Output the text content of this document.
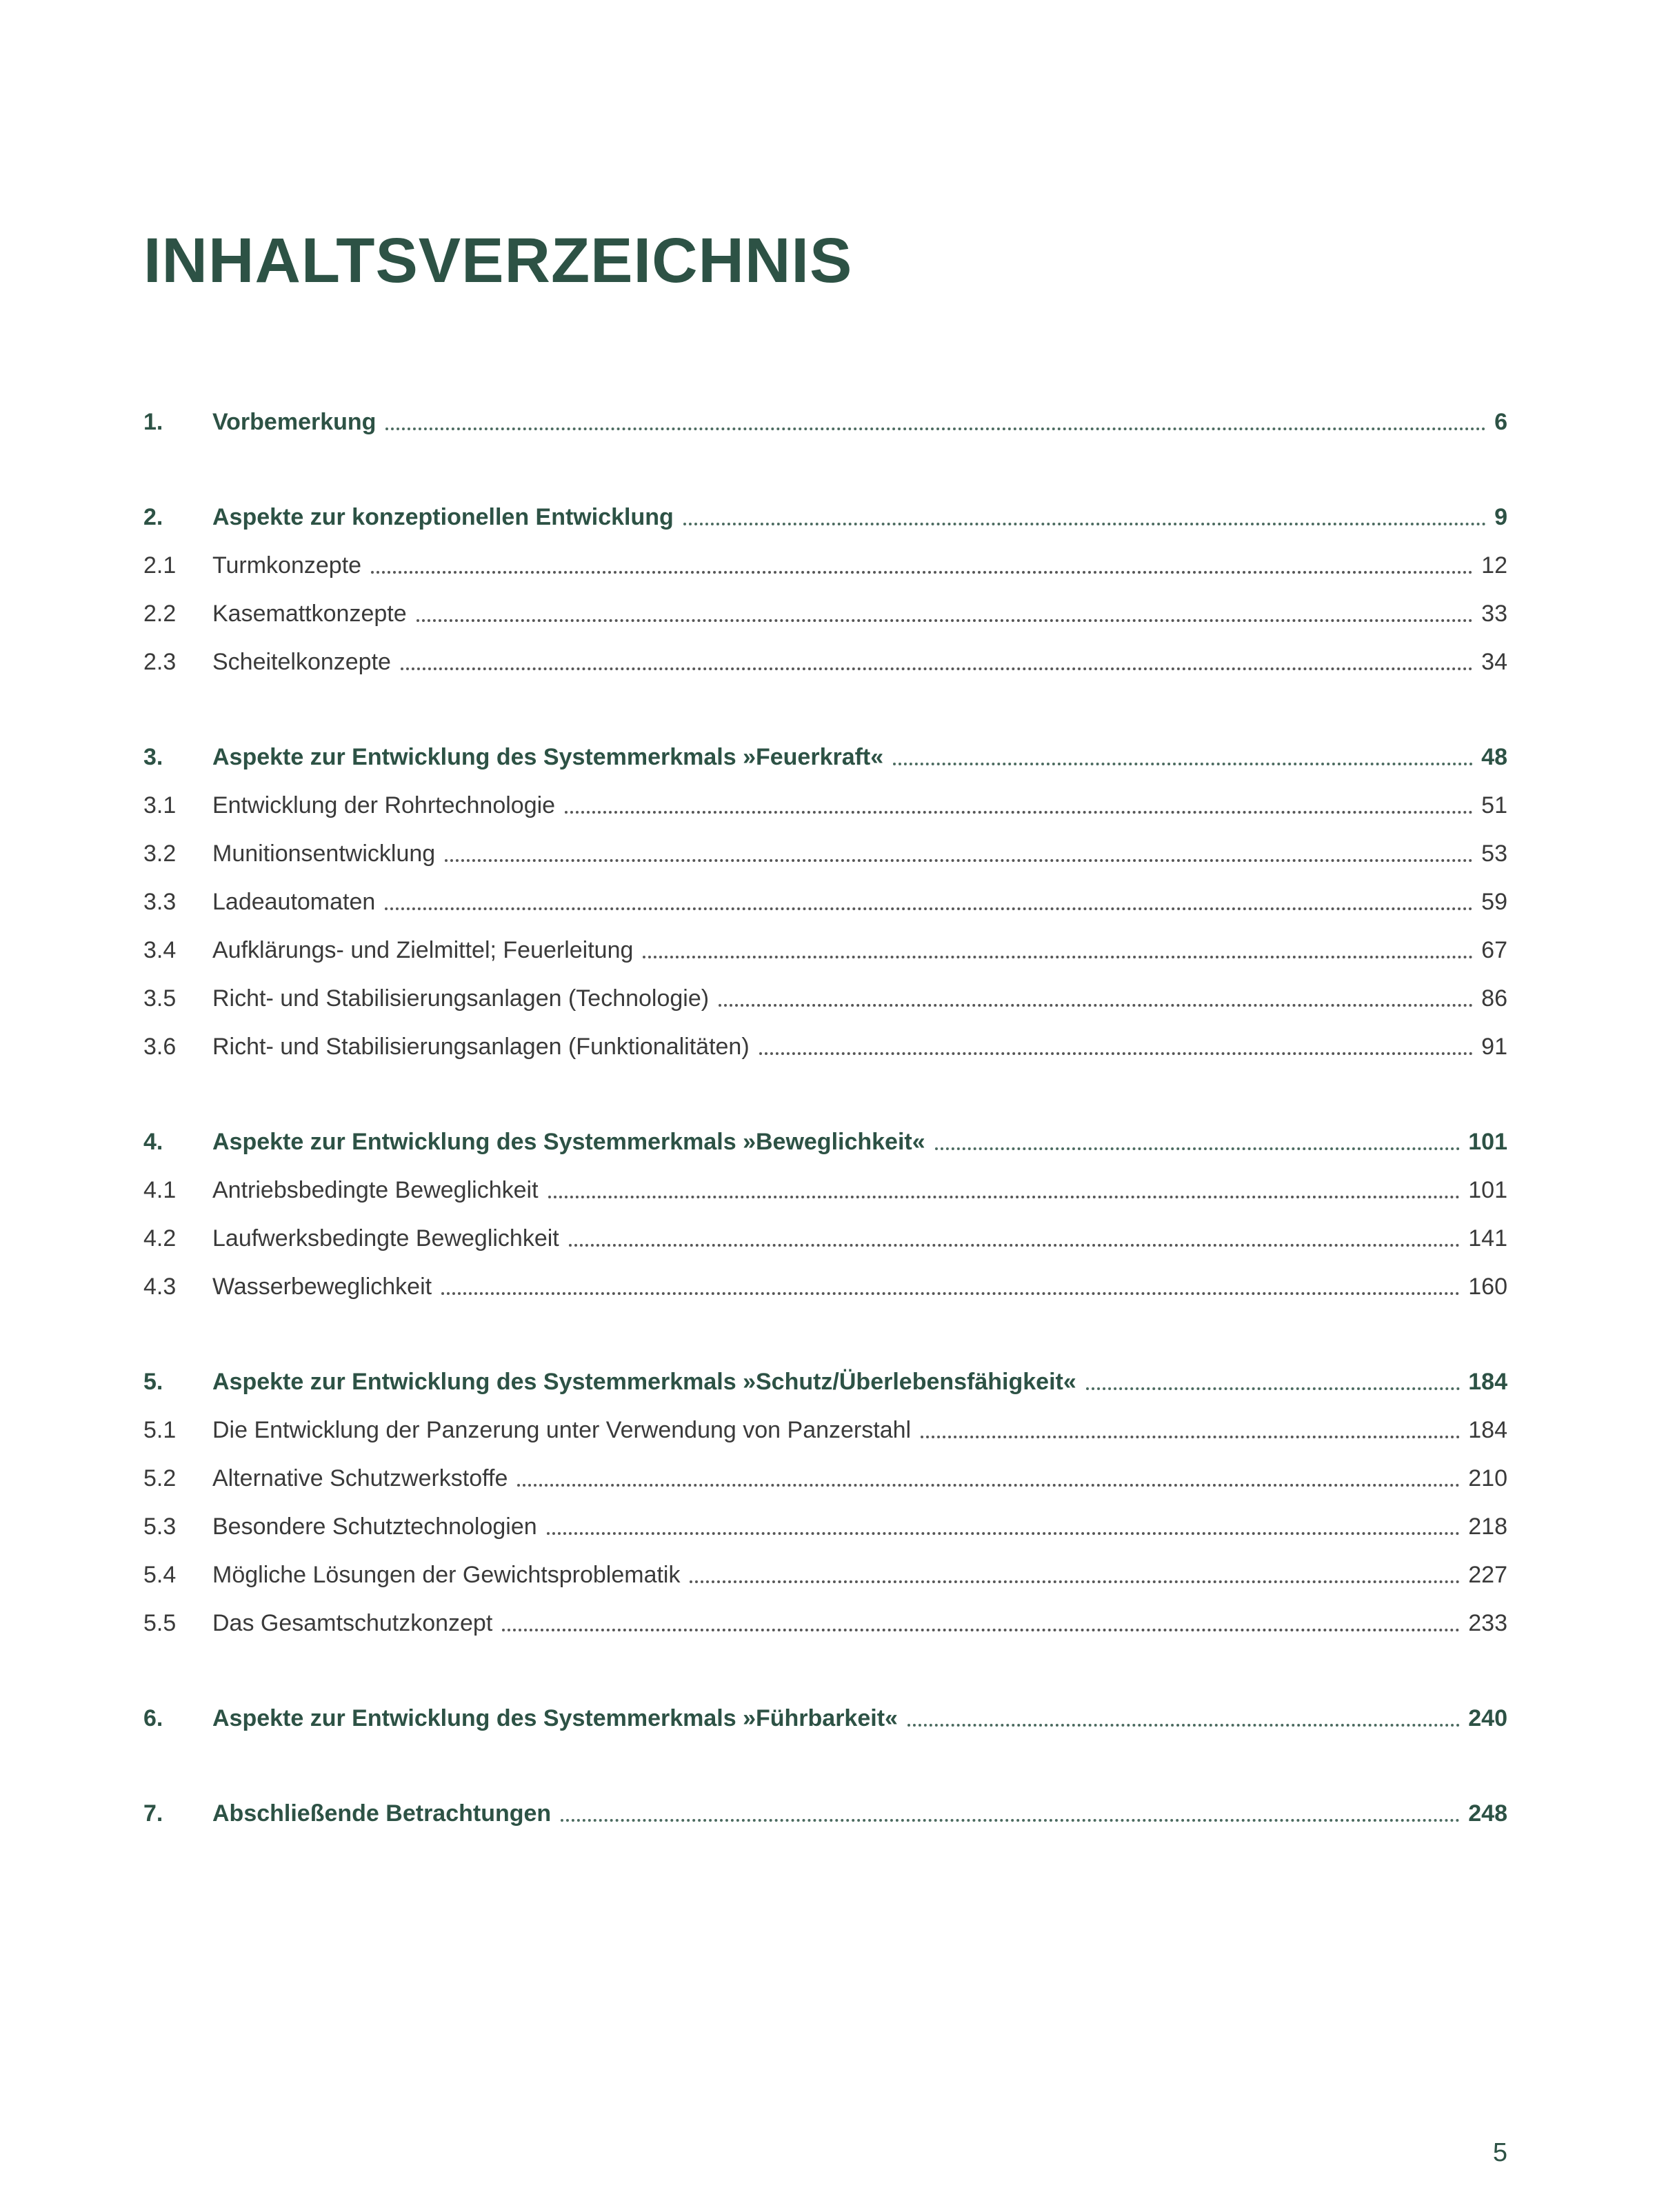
INHALTSVERZEICHNIS
1.	Vorbemerkung	6
2.	Aspekte zur konzeptionellen Entwicklung	9
2.1	Turmkonzepte	12
2.2	Kasemattkonzepte	33
2.3	Scheitelkonzepte	34
3.	Aspekte zur Entwicklung des Systemmerkmals »Feuerkraft«	48
3.1	Entwicklung der Rohrtechnologie	51
3.2	Munitionsentwicklung	53
3.3	Ladeautomaten	59
3.4	Aufklärungs- und Zielmittel; Feuerleitung	67
3.5	Richt- und Stabilisierungsanlagen (Technologie)	86
3.6	Richt- und Stabilisierungsanlagen (Funktionalitäten)	91
4.	Aspekte zur Entwicklung des Systemmerkmals »Beweglichkeit«	101
4.1	Antriebsbedingte Beweglichkeit	101
4.2	Laufwerksbedingte Beweglichkeit	141
4.3	Wasserbeweglichkeit	160
5.	Aspekte zur Entwicklung des Systemmerkmals »Schutz/Überlebensfähigkeit«	184
5.1	Die Entwicklung der Panzerung unter Verwendung von Panzerstahl	184
5.2	Alternative Schutzwerkstoffe	210
5.3	Besondere Schutztechnologien	218
5.4	Mögliche Lösungen der Gewichtsproblematik	227
5.5	Das Gesamtschutzkonzept	233
6.	Aspekte zur Entwicklung des Systemmerkmals »Führbarkeit«	240
7.	Abschließende Betrachtungen	248
5
